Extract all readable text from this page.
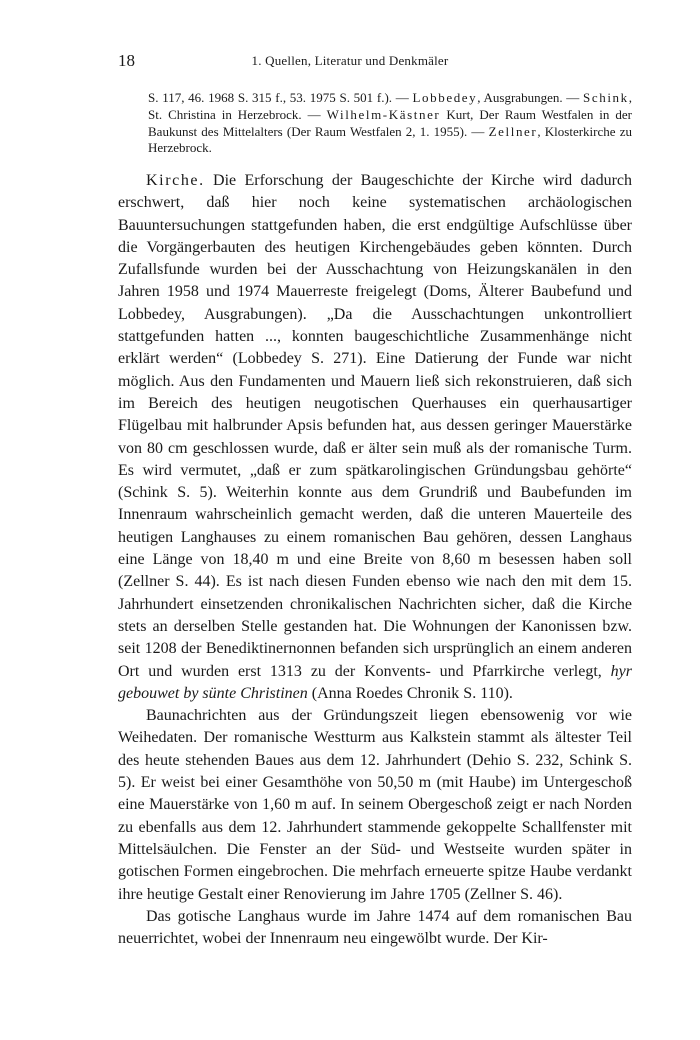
18	1. Quellen, Literatur und Denkmäler
S. 117, 46. 1968 S. 315 f., 53. 1975 S. 501 f.). — Lobbedey, Ausgrabungen. — Schink, St. Christina in Herzebrock. — Wilhelm-Kästner Kurt, Der Raum Westfalen in der Baukunst des Mittelalters (Der Raum Westfalen 2, 1. 1955). — Zellner, Klosterkirche zu Herzebrock.

Kirche. Die Erforschung der Baugeschichte der Kirche wird dadurch erschwert, daß hier noch keine systematischen archäologischen Bauuntersuchungen stattgefunden haben, die erst endgültige Aufschlüsse über die Vorgängerbauten des heutigen Kirchengebäudes geben könnten. Durch Zufallsfunde wurden bei der Ausschachtung von Heizungskanälen in den Jahren 1958 und 1974 Mauerreste freigelegt (Doms, Älterer Baubefund und Lobbedey, Ausgrabungen). „Da die Ausschachtungen unkontrolliert stattgefunden hatten ..., konnten baugeschichtliche Zusammenhänge nicht erklärt werden“ (Lobbedey S. 271). Eine Datierung der Funde war nicht möglich. Aus den Fundamenten und Mauern ließ sich rekonstruieren, daß sich im Bereich des heutigen neugotischen Querhauses ein querhausartiger Flügelbau mit halbrunder Apsis befunden hat, aus dessen geringer Mauerstärke von 80 cm geschlossen wurde, daß er älter sein muß als der romanische Turm. Es wird vermutet, „daß er zum spätkarolingischen Gründungsbau gehörte“ (Schink S. 5). Weiterhin konnte aus dem Grundriß und Baubefunden im Innenraum wahrscheinlich gemacht werden, daß die unteren Mauerteile des heutigen Langhauses zu einem romanischen Bau gehören, dessen Langhaus eine Länge von 18,40 m und eine Breite von 8,60 m besessen haben soll (Zellner S. 44). Es ist nach diesen Funden ebenso wie nach den mit dem 15. Jahrhundert einsetzenden chronikalischen Nachrichten sicher, daß die Kirche stets an derselben Stelle gestanden hat. Die Wohnungen der Kanonissen bzw. seit 1208 der Benediktinernonnen befanden sich ursprünglich an einem anderen Ort und wurden erst 1313 zu der Konvents- und Pfarrkirche verlegt, hyr gebouwet by sünte Christinen (Anna Roedes Chronik S. 110).

Baunachrichten aus der Gründungszeit liegen ebensowenig vor wie Weihedaten. Der romanische Westturm aus Kalkstein stammt als ältester Teil des heute stehenden Baues aus dem 12. Jahrhundert (Dehio S. 232, Schink S. 5). Er weist bei einer Gesamthöhe von 50,50 m (mit Haube) im Untergeschoß eine Mauerstärke von 1,60 m auf. In seinem Obergeschoß zeigt er nach Norden zu ebenfalls aus dem 12. Jahrhundert stammende gekoppelte Schallfenster mit Mittelsäulchen. Die Fenster an der Süd- und Westseite wurden später in gotischen Formen eingebrochen. Die mehrfach erneuerte spitze Haube verdankt ihre heutige Gestalt einer Renovierung im Jahre 1705 (Zellner S. 46).

Das gotische Langhaus wurde im Jahre 1474 auf dem romanischen Bau neuerrichtet, wobei der Innenraum neu eingewölbt wurde. Der Kir-
